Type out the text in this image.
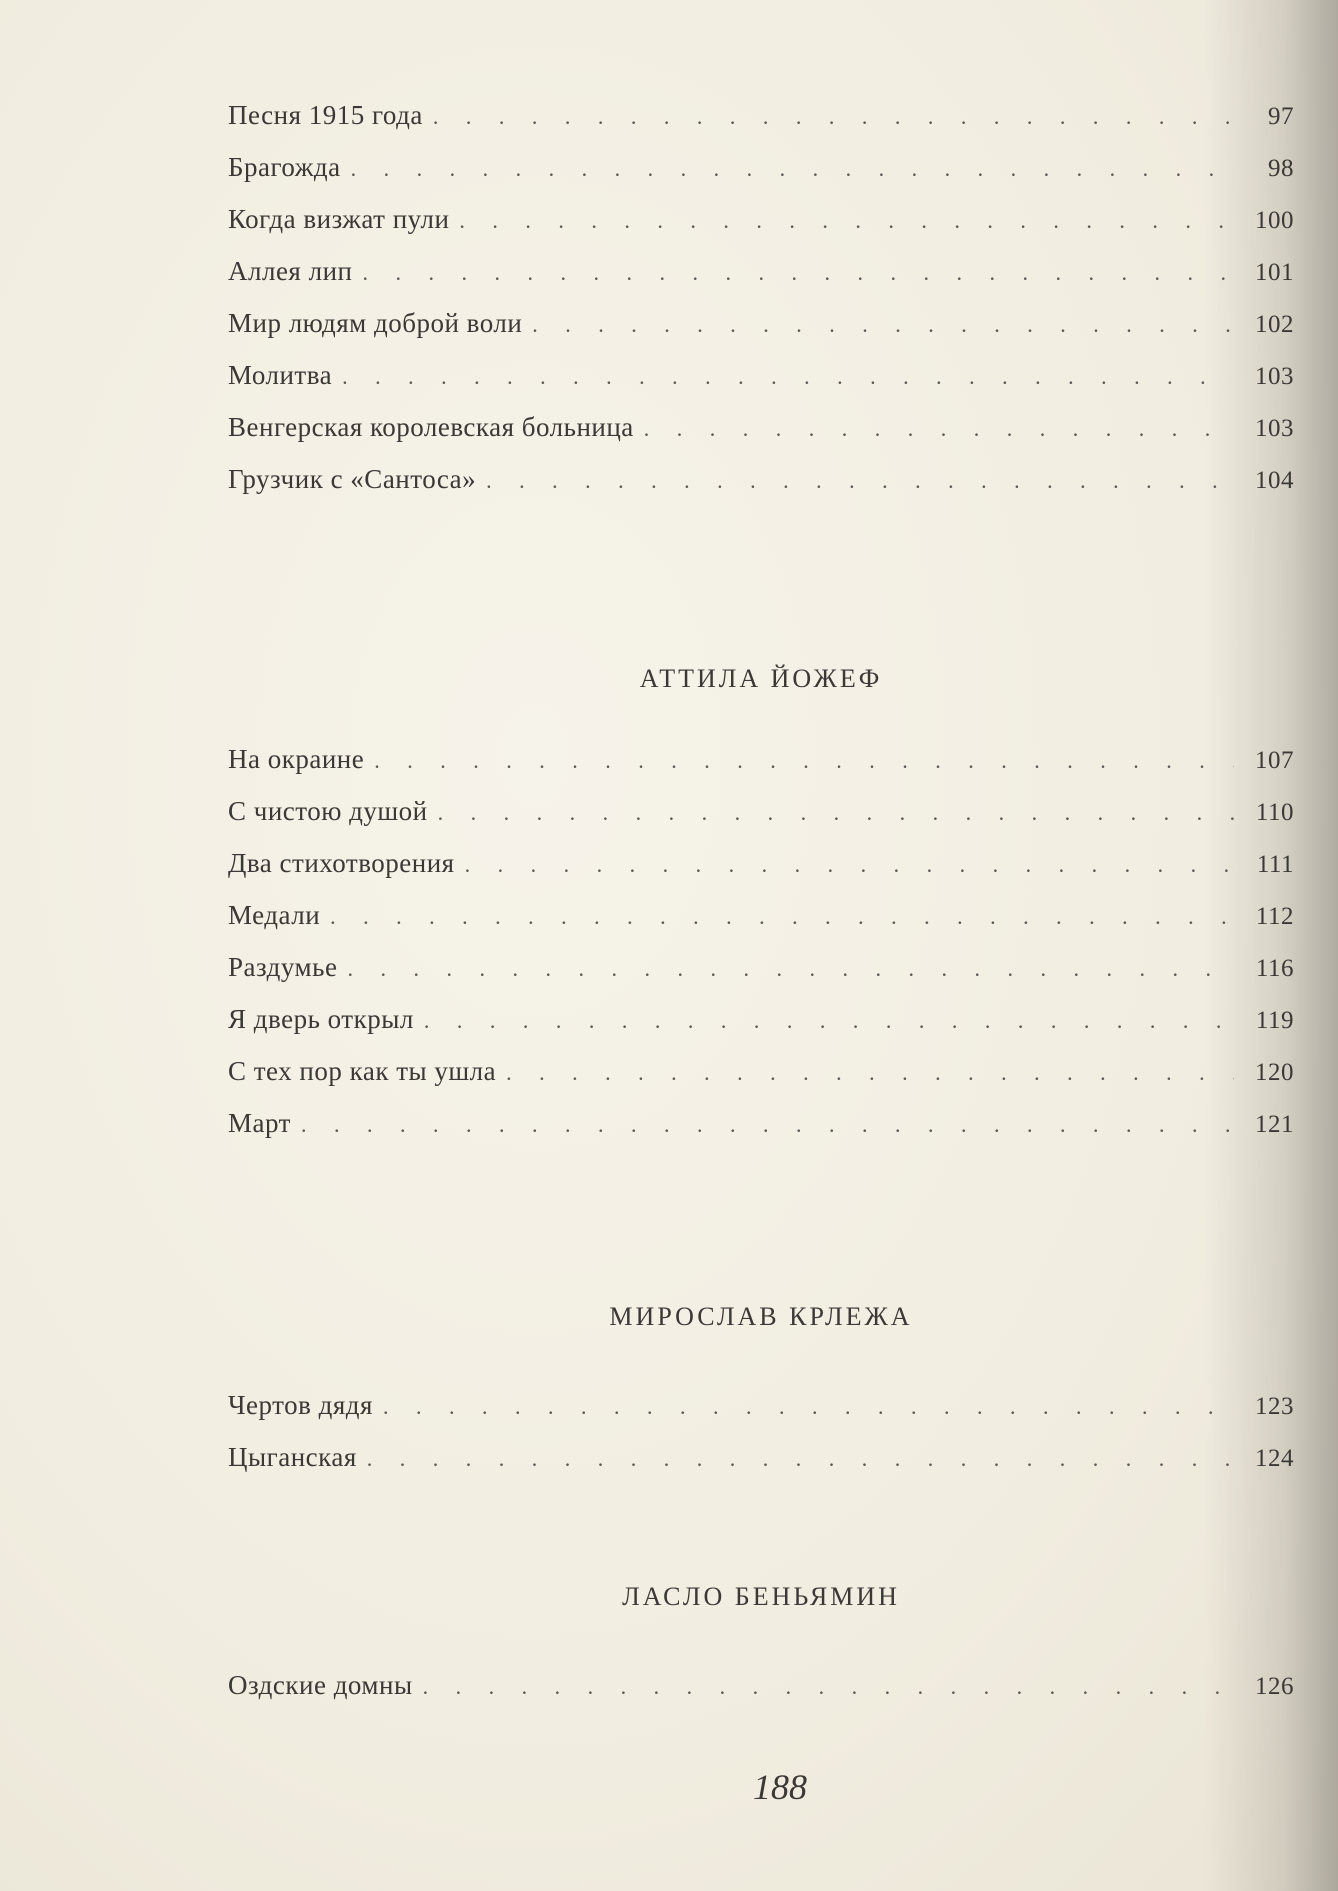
Песня 1915 года . . .	97
Брагожда . . .	98
Когда визжат пули . . .	100
Аллея лип . . .	101
Мир людям доброй воли . . .	102
Молитва . . .	103
Венгерская королевская больница . . .	103
Грузчик с «Сантоса» . . .	104
АТТИЛА ЙОЖЕФ
На окраине . . .	107
С чистою душой . . .	110
Два стихотворения . . .	111
Медали . . .	112
Раздумье . . .	116
Я дверь открыл . . .	119
С тех пор как ты ушла . . .	120
Март . . .	121
МИРОСЛАВ КРЛЕЖА
Чертов дядя . . .	123
Цыганская . . .	124
ЛАСЛО БЕНЬЯМИН
Оздские домны . . .	126
188
